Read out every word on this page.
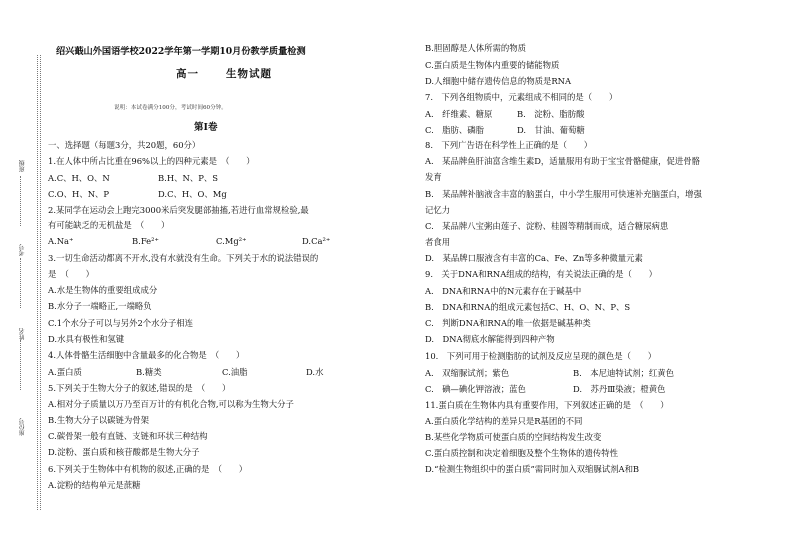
班级
考号
姓名
座位号
绍兴蕺山外国语学校2022学年第一学期10月份教学质量检测
高一	生物试题
说明：本试卷满分100分，考试时间60分钟。
第Ⅰ卷
一、选择题（每题3分，共20题，60分）
1.在人体中所占比重在96%以上的四种元素是　（　　）
A.C、H、O、N	B.H、N、P、S
C.O、H、N、P	D.C、H、O、Mg
2.某同学在运动会上跑完3000米后突发腿部抽搐,若进行血常规检验,最
有可能缺乏的无机盐是　（　　）
A.Na⁺	B.Fe²⁺	C.Mg²⁺	D.Ca²⁺
3.一切生命活动都离不开水,没有水就没有生命。下列关于水的说法错误的
是　（　　）
A.水是生物体的重要组成成分
B.水分子一端略正,一端略负
C.1个水分子可以与另外2个水分子相连
D.水具有极性和氢键
4.人体骨骼生活细胞中含量最多的化合物是　（　　）
A.蛋白质	B.糖类	C.油脂	D.水
5.下列关于生物大分子的叙述,错误的是　（　　）
A.相对分子质量以万乃至百万计的有机化合物,可以称为生物大分子
B.生物大分子以碳链为骨架
C.碳骨架一般有直链、支链和环状三种结构
D.淀粉、蛋白质和核苷酸都是生物大分子
6.下列关于生物体中有机物的叙述,正确的是　（　　）
A.淀粉的结构单元是蔗糖
B.胆固醇是人体所需的物质
C.蛋白质是生物体内重要的储能物质
D.人细胞中储存遗传信息的物质是RNA
7.　下列各组物质中，元素组成不相同的是（　　）
A.　纤维素、糖原	B.　淀粉、脂肪酸
C.　脂肪、磷脂	D.　甘油、葡萄糖
8.　下列广告语在科学性上正确的是（　　）
A.　某品牌鱼肝油富含维生素D，适量服用有助于宝宝骨骼健康，促进骨骼
发育
B.　某品牌补脑液含丰富的脑蛋白，中小学生服用可快速补充脑蛋白，增强
记忆力
C.　某品牌八宝粥由莲子、淀粉、桂圆等精制而成，适合糖尿病患
者食用
D.　某品牌口服液含有丰富的Ca、Fe、Zn等多种微量元素
9.　关于DNA和RNA组成的结构，有关说法正确的是（　　）
A.　DNA和RNA中的N元素存在于碱基中
B.　DNA和RNA的组成元素包括C、H、O、N、P、S
C.　判断DNA和RNA的唯一依据是碱基种类
D.　DNA彻底水解能得到四种产物
10.　下列可用于检测脂肪的试剂及反应呈现的颜色是（　　）
A.　双缩脲试剂；紫色	B.　本尼迪特试剂；红黄色
C.　碘—碘化钾溶液；蓝色	D.　苏丹Ⅲ染液；橙黄色
11.蛋白质在生物体内具有重要作用，下列叙述正确的是　（　　）
A.蛋白质化学结构的差异只是R基团的不同
B.某些化学物质可使蛋白质的空间结构发生改变
C.蛋白质控制和决定着细胞及整个生物体的遗传特性
D.“检测生物组织中的蛋白质”需同时加入双缩脲试剂A和B
